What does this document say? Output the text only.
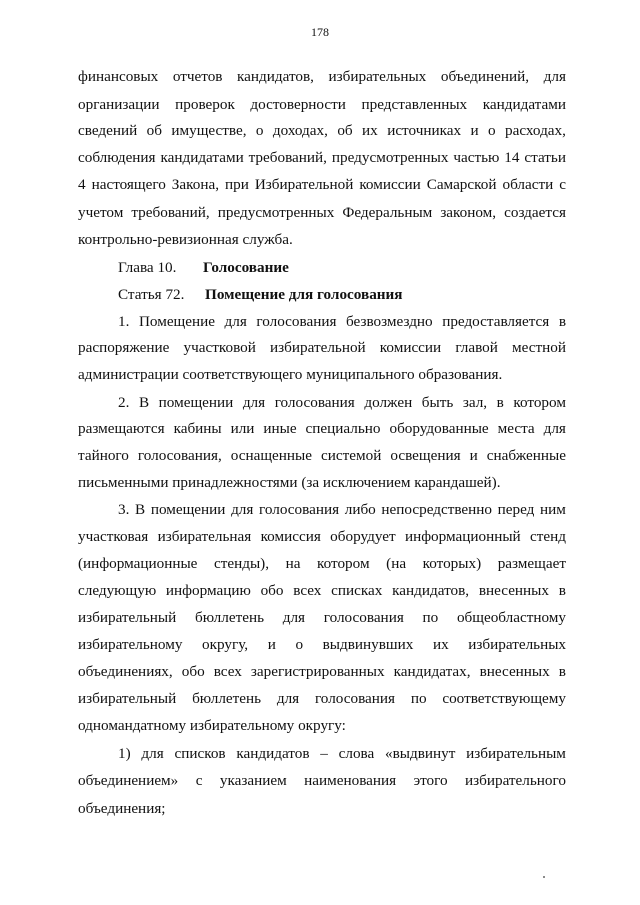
178
финансовых отчетов кандидатов, избирательных объединений, для
организации проверок достоверности представленных кандидатами
сведений об имуществе, о доходах, об их источниках и о расходах,
соблюдения кандидатами требований, предусмотренных частью 14 статьи
4 настоящего Закона, при Избирательной комиссии Самарской области с
учетом требований, предусмотренных Федеральным законом, создается
контрольно-ревизионная служба.
Глава 10. Голосование
Статья 72. Помещение для голосования
1. Помещение для голосования безвозмездно предоставляется в
распоряжение участковой избирательной комиссии главой местной
администрации соответствующего муниципального образования.
2. В помещении для голосования должен быть зал, в котором
размещаются кабины или иные специально оборудованные места для
тайного голосования, оснащенные системой освещения и снабженные
письменными принадлежностями (за исключением карандашей).
3. В помещении для голосования либо непосредственно перед ним
участковая избирательная комиссия оборудует информационный стенд
(информационные стенды), на котором (на которых) размещает
следующую информацию обо всех списках кандидатов, внесенных в
избирательный бюллетень для голосования по общеобластному
избирательному округу, и о выдвинувших их избирательных
объединениях, обо всех зарегистрированных кандидатах, внесенных в
избирательный бюллетень для голосования по соответствующему
одномандатному избирательному округу:
1) для списков кандидатов – слова «выдвинут избирательным
объединением» с указанием наименования этого избирательного
объединения;
